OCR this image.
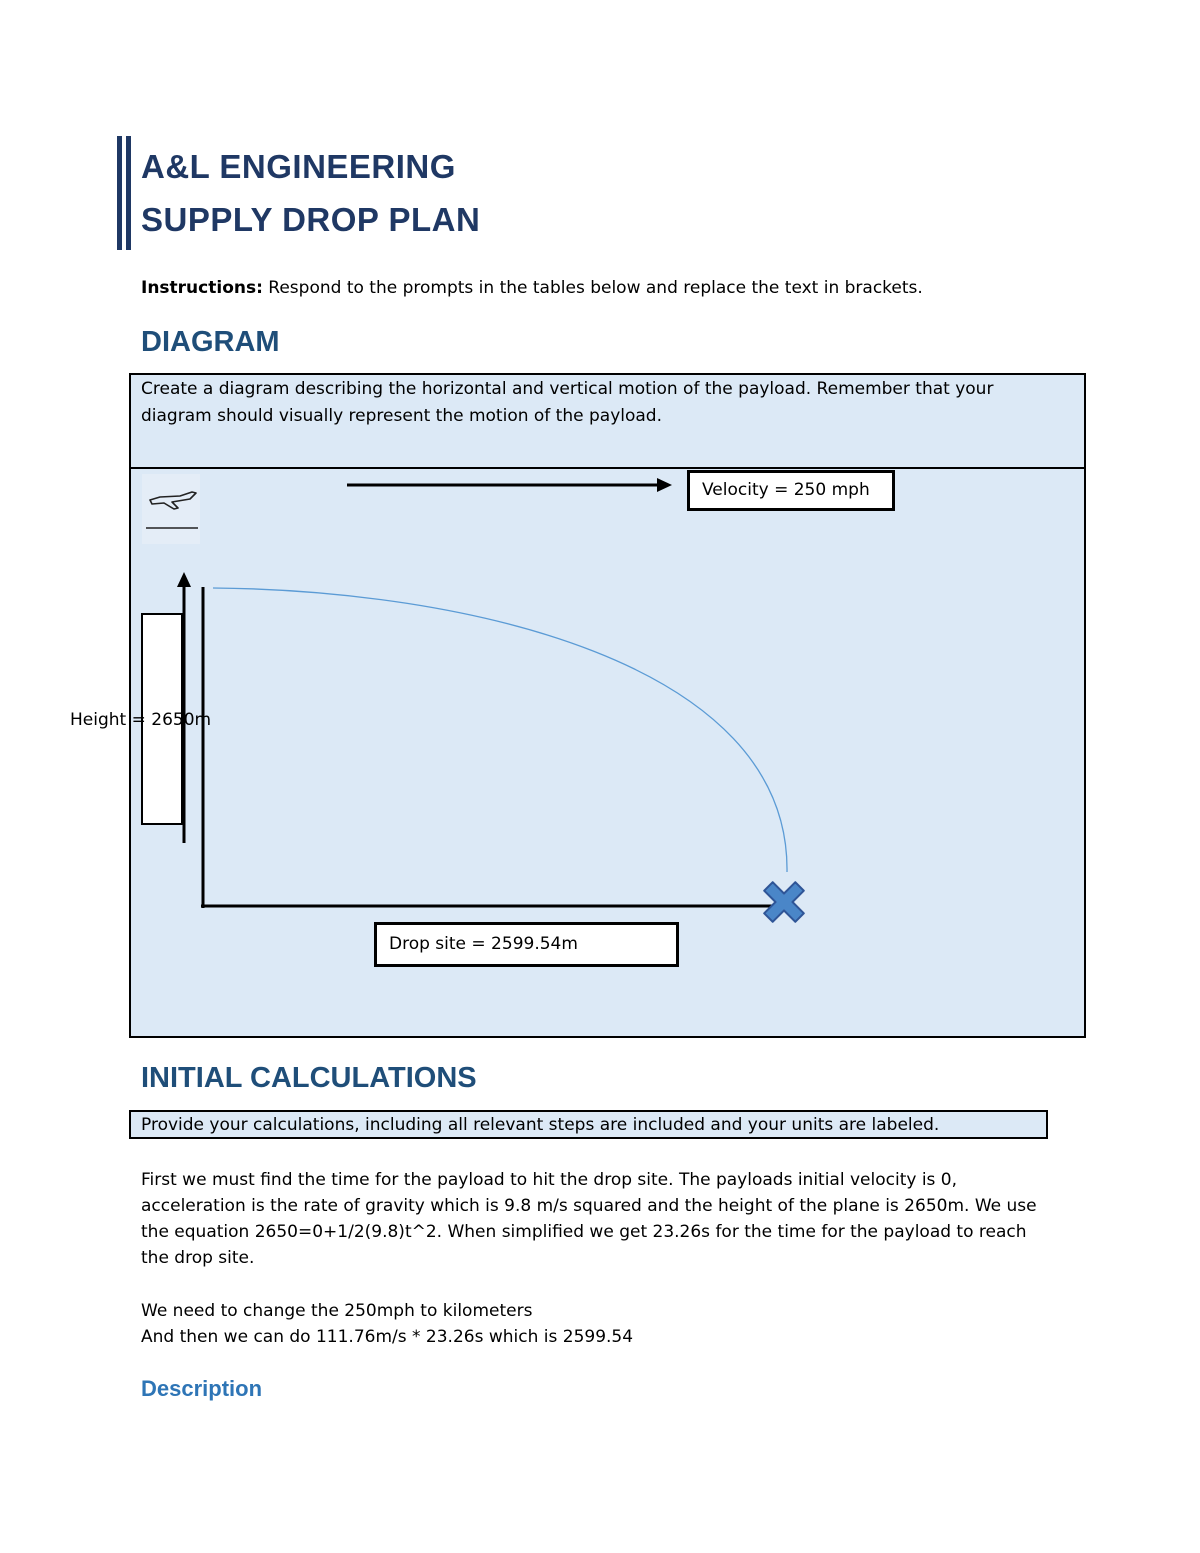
A&L ENGINEERING
SUPPLY DROP PLAN
Instructions: Respond to the prompts in the tables below and replace the text in brackets.
DIAGRAM
Create a diagram describing the horizontal and vertical motion of the payload. Remember that your
diagram should visually represent the motion of the payload.
Height = 2650m
Velocity = 250 mph
Drop site = 2599.54m
INITIAL CALCULATIONS
Provide your calculations, including all relevant steps are included and your units are labeled.
First we must find the time for the payload to hit the drop site. The payloads initial velocity is 0,
acceleration is the rate of gravity which is 9.8 m/s squared and the height of the plane is 2650m. We use
the equation 2650=0+1/2(9.8)t^2. When simplified we get 23.26s for the time for the payload to reach
the drop site.
We need to change the 250mph to kilometers
And then we can do 111.76m/s * 23.26s which is 2599.54
Description
